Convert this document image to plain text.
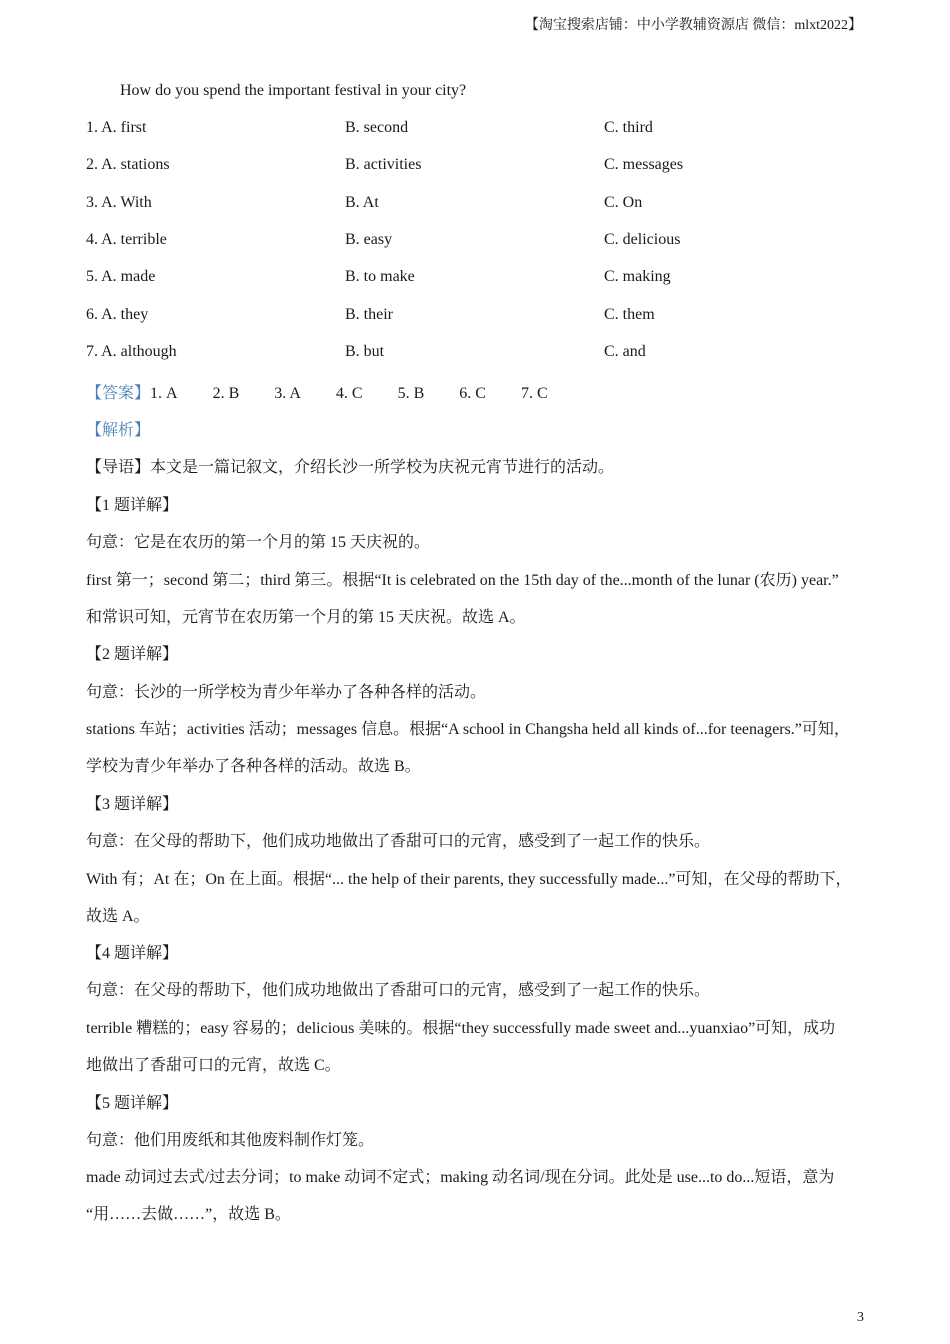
【淘宝搜索店铺：中小学教辅资源店 微信：mlxt2022】
How do you spend the important festival in your city?
1. A. first	B. second	C. third
2. A. stations	B. activities	C. messages
3. A. With	B. At	C. On
4. A. terrible	B. easy	C. delicious
5. A. made	B. to make	C. making
6. A. they	B. their	C. them
7. A. although	B. but	C. and
【答案】1. A 2. B 3. A 4. C 5. B 6. C 7. C
【解析】
【导语】本文是一篇记叙文，介绍长沙一所学校为庆祝元宵节进行的活动。
【1 题详解】
句意：它是在农历的第一个月的第 15 天庆祝的。
first 第一；second 第二；third 第三。根据“It is celebrated on the 15th day of the...month of the lunar (农历) year.”
和常识可知，元宵节在农历第一个月的第 15 天庆祝。故选 A。
【2 题详解】
句意：长沙的一所学校为青少年举办了各种各样的活动。
stations 车站；activities 活动；messages 信息。根据“A school in Changsha held all kinds of...for teenagers.”可知，
学校为青少年举办了各种各样的活动。故选 B。
【3 题详解】
句意：在父母的帮助下，他们成功地做出了香甜可口的元宵，感受到了一起工作的快乐。
With 有；At 在；On 在上面。根据“... the help of their parents, they successfully made...”可知，在父母的帮助下，
故选 A。
【4 题详解】
句意：在父母的帮助下，他们成功地做出了香甜可口的元宵，感受到了一起工作的快乐。
terrible 糟糕的；easy 容易的；delicious 美味的。根据“they successfully made sweet and...yuanxiao”可知，成功
地做出了香甜可口的元宵，故选 C。
【5 题详解】
句意：他们用废纸和其他废料制作灯笼。
made 动词过去式/过去分词；to make 动词不定式；making 动名词/现在分词。此处是 use...to do...短语，意为
“用……去做……”，故选 B。
3
